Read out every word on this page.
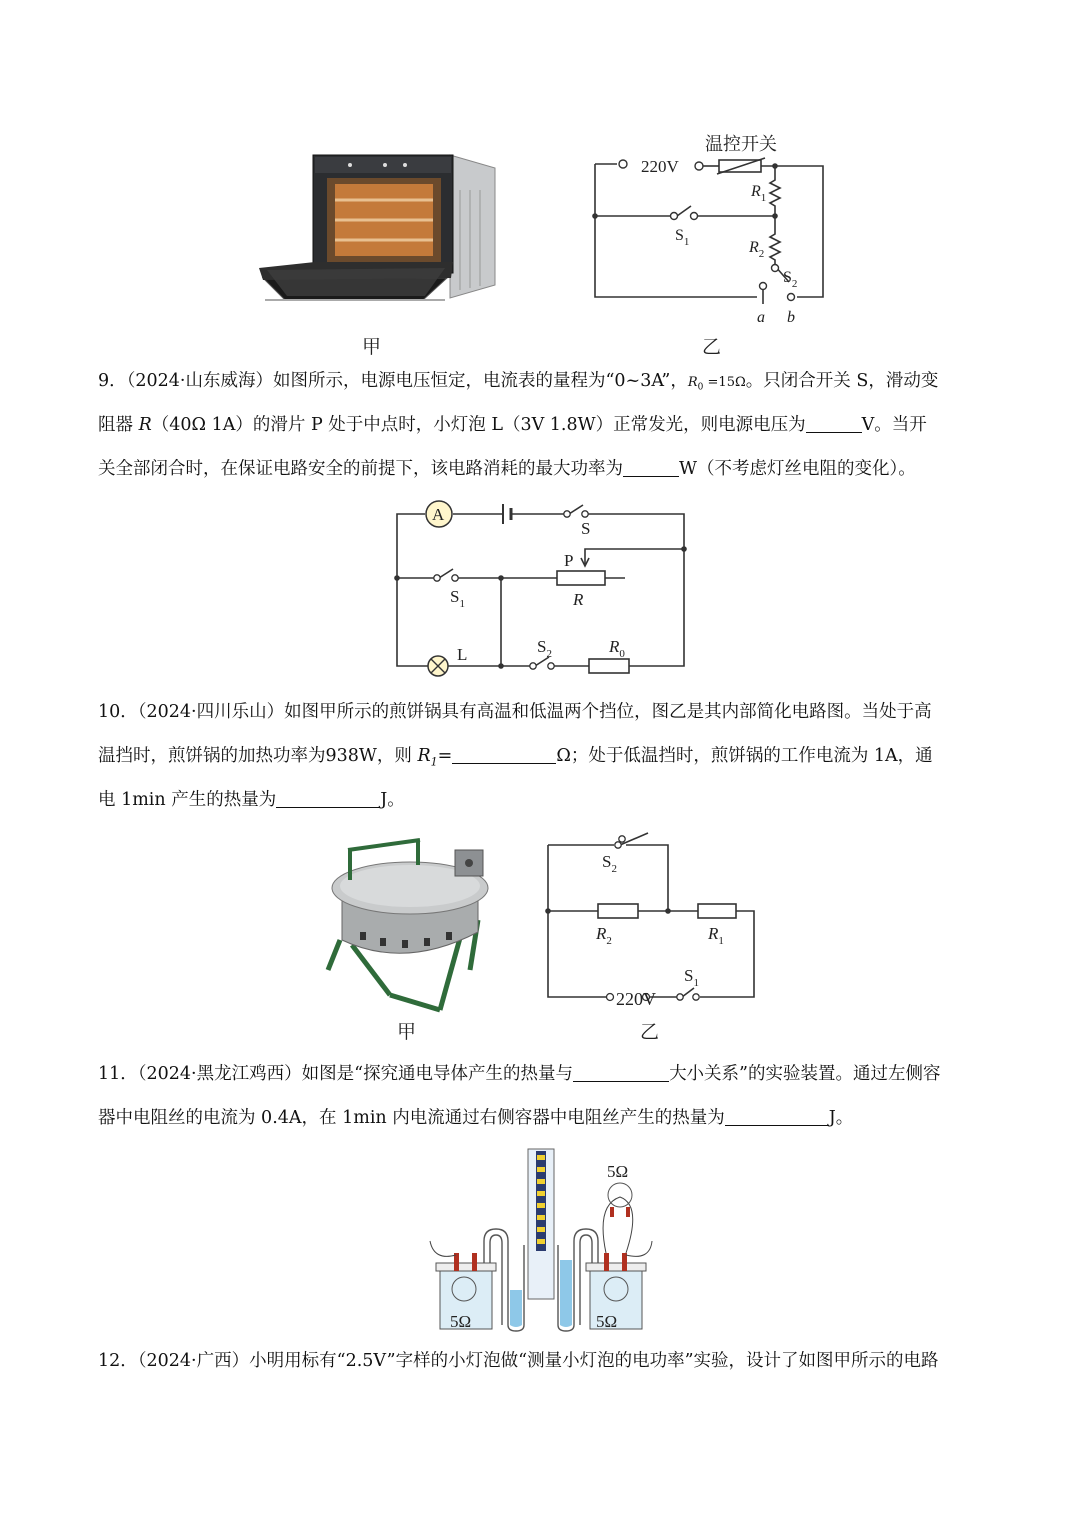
甲
温控开关
220V
$R_1$
$R_2$
$S_1$
$S_2$
a b
乙
9．（2024·山东威海）如图所示，电源电压恒定，电流表的量程为“0~3A”，$R_0 =15\Omega$。只闭合开关 S，滑动变
阻器 R（40Ω 1A）的滑片 P 处于中点时，小灯泡 L（3V 1.8W）正常发光，则电源电压为	V。当开
关全部闭合时，在保证电路安全的前提下，该电路消耗的最大功率为	W（不考虑灯丝电阻的变化）。
A
S
P
$S_1$	R
L	$S_2$	$R_0$
10．（2024·四川乐山）如图甲所示的煎饼锅具有高温和低温两个挡位，图乙是其内部简化电路图。当处于高
温挡时，煎饼锅的加热功率为938W，则 $R_1=$	Ω；处于低温挡时，煎饼锅的工作电流为 1A，通
电 1min 产生的热量为	J。
甲
$S_2$
$R_2$	$R_1$
$S_1$
220V
乙
11．（2024·黑龙江鸡西）如图是“探究通电导体产生的热量与	大小关系”的实验装置。通过左侧容
器中电阻丝的电流为 0.4A，在 1min 内电流通过右侧容器中电阻丝产生的热量为	J。
5Ω	5Ω
5Ω
12．（2024·广西）小明用标有“2.5V”字样的小灯泡做“测量小灯泡的电功率”实验，设计了如图甲所示的电路
